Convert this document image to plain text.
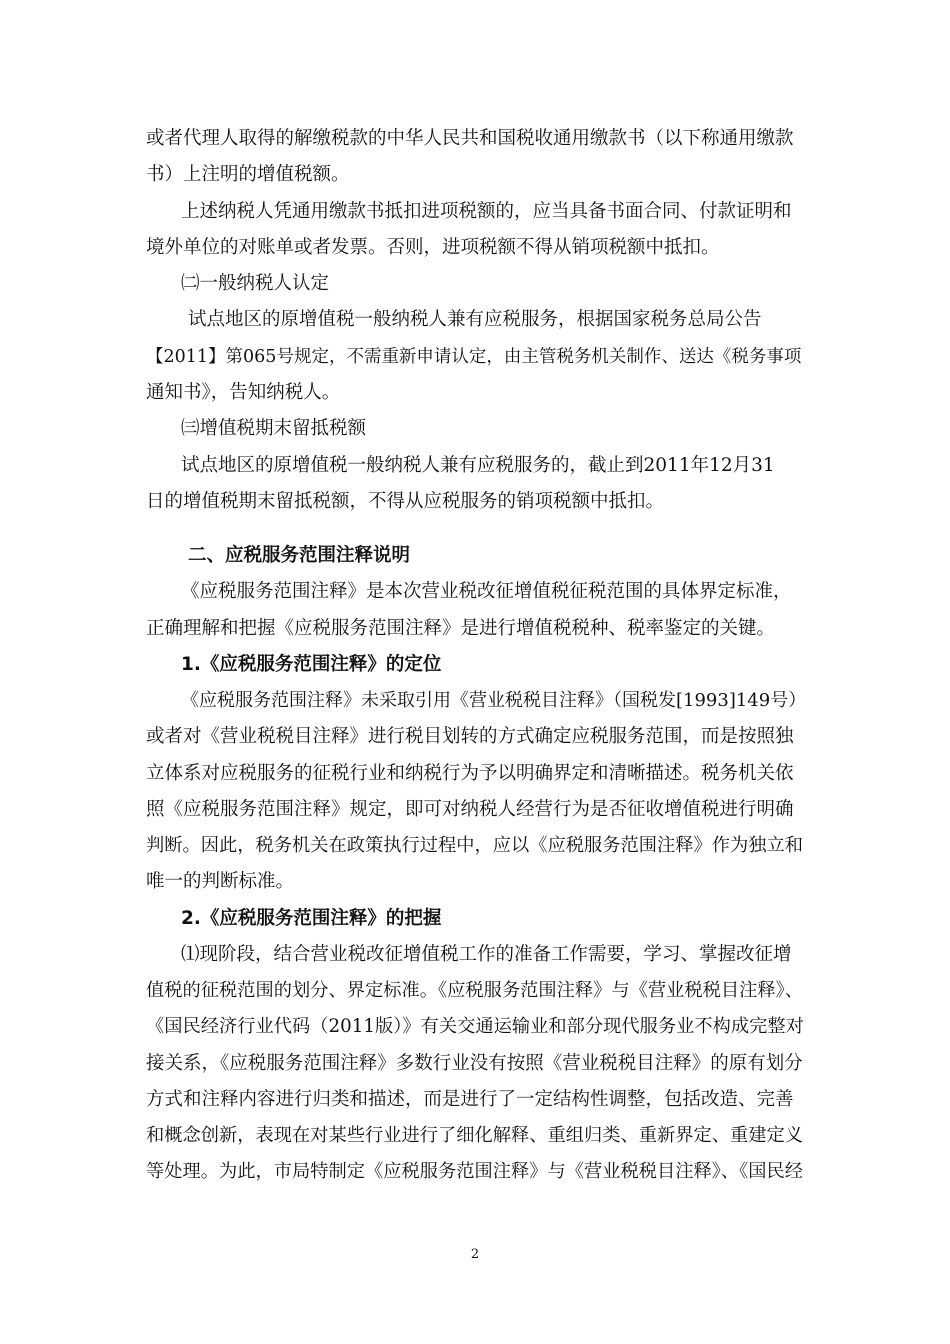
或者代理人取得的解缴税款的中华人民共和国税收通用缴款书（以下称通用缴款
书）上注明的增值税额。
上述纳税人凭通用缴款书抵扣进项税额的，应当具备书面合同、付款证明和
境外单位的对账单或者发票。否则，进项税额不得从销项税额中抵扣。
㈡一般纳税人认定
试点地区的原增值税一般纳税人兼有应税服务，根据国家税务总局公告
【2011】第065号规定，不需重新申请认定，由主管税务机关制作、送达《税务事项
通知书》，告知纳税人。
㈢增值税期末留抵税额
试点地区的原增值税一般纳税人兼有应税服务的，截止到2011年12月31
日的增值税期末留抵税额，不得从应税服务的销项税额中抵扣。
二、应税服务范围注释说明
《应税服务范围注释》是本次营业税改征增值税征税范围的具体界定标准，
正确理解和把握《应税服务范围注释》是进行增值税税种、税率鉴定的关键。
1.《应税服务范围注释》的定位
《应税服务范围注释》未采取引用《营业税税目注释》（国税发[1993]149号）
或者对《营业税税目注释》进行税目划转的方式确定应税服务范围，而是按照独
立体系对应税服务的征税行业和纳税行为予以明确界定和清晰描述。税务机关依
照《应税服务范围注释》规定，即可对纳税人经营行为是否征收增值税进行明确
判断。因此，税务机关在政策执行过程中，应以《应税服务范围注释》作为独立和
唯一的判断标准。
2.《应税服务范围注释》的把握
⑴现阶段，结合营业税改征增值税工作的准备工作需要，学习、掌握改征增
值税的征税范围的划分、界定标准。《应税服务范围注释》与《营业税税目注释》、
《国民经济行业代码（2011版）》有关交通运输业和部分现代服务业不构成完整对
接关系，《应税服务范围注释》多数行业没有按照《营业税税目注释》的原有划分
方式和注释内容进行归类和描述，而是进行了一定结构性调整，包括改造、完善
和概念创新，表现在对某些行业进行了细化解释、重组归类、重新界定、重建定义
等处理。为此，市局特制定《应税服务范围注释》与《营业税税目注释》、《国民经
2
